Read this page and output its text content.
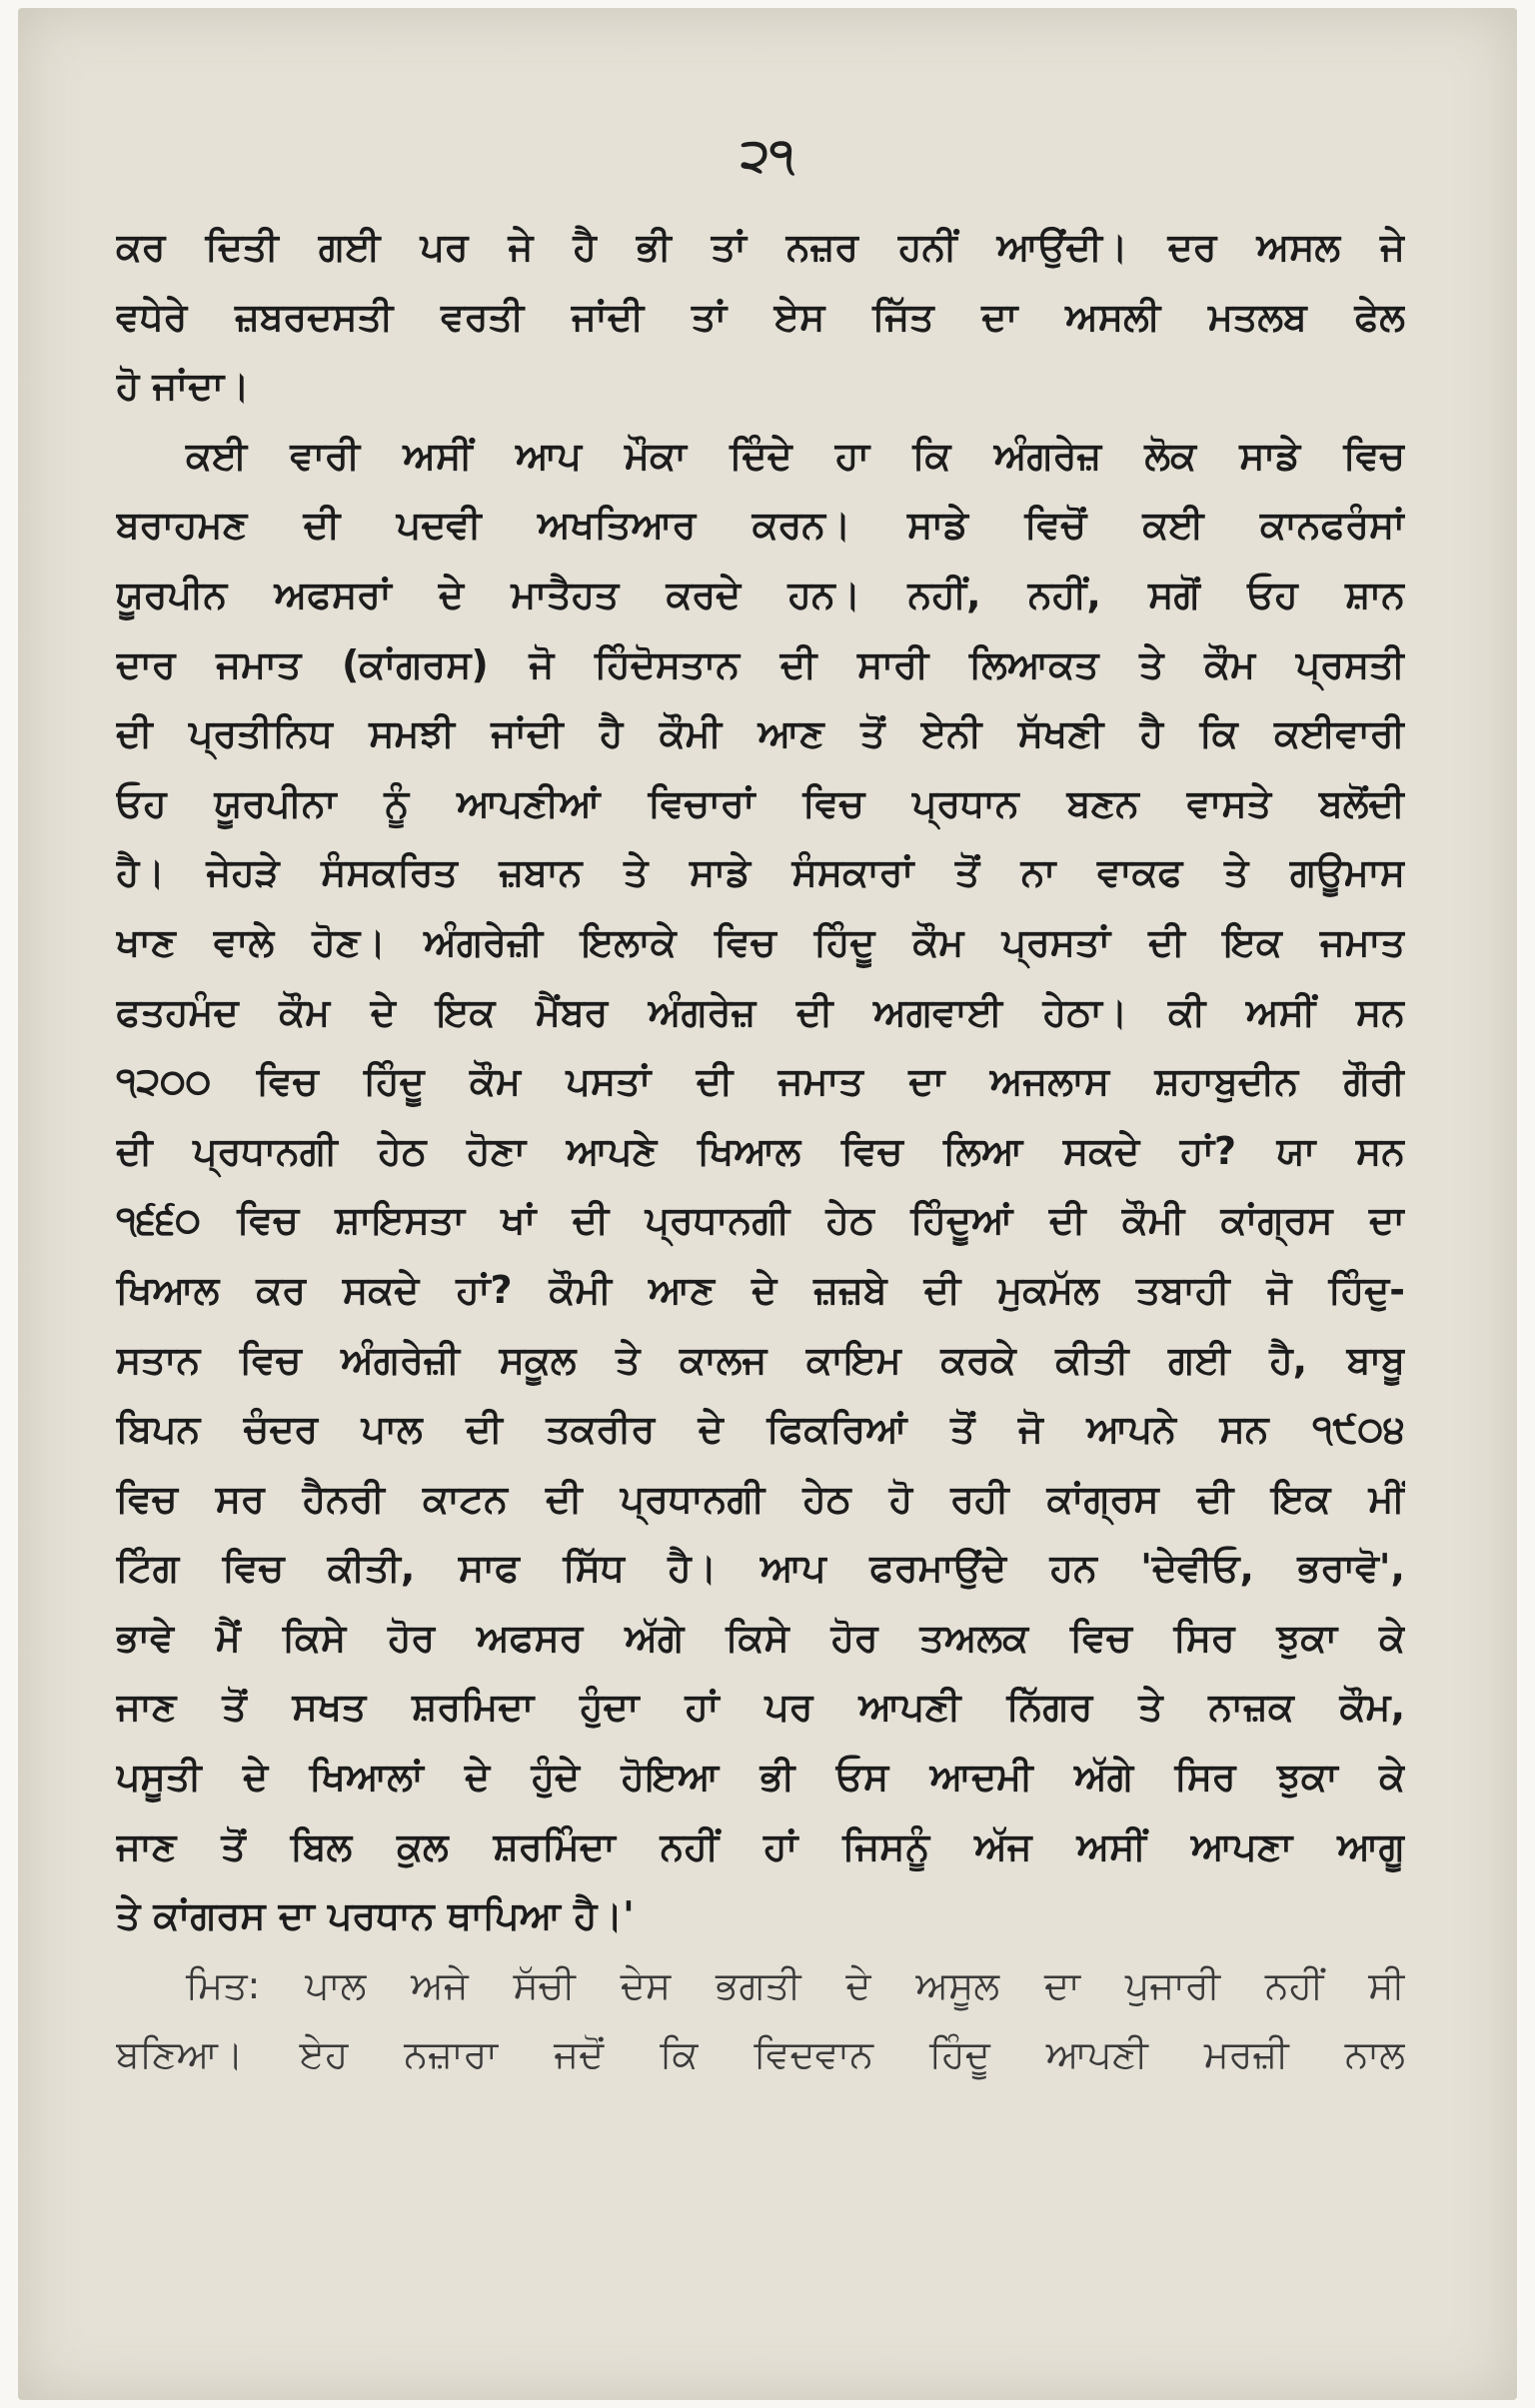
੨੧
ਕਰ ਦਿਤੀ ਗਈ ਪਰ ਜੇ ਹੈ ਭੀ ਤਾਂ ਨਜ਼ਰ ਹਨੀਂ ਆਉਂਦੀ। ਦਰ ਅਸਲ ਜੇ
ਵਧੇਰੇ ਜ਼ਬਰਦਸਤੀ ਵਰਤੀ ਜਾਂਦੀ ਤਾਂ ਏਸ ਜਿੱਤ ਦਾ ਅਸਲੀ ਮਤਲਬ ਫੇਲ
ਹੋ ਜਾਂਦਾ।
ਕਈ ਵਾਰੀ ਅਸੀਂ ਆਪ ਮੌਕਾ ਦਿੰਦੇ ਹਾ ਕਿ ਅੰਗਰੇਜ਼ ਲੋਕ ਸਾਡੇ ਵਿਚ
ਬਰਾਹਮਣ ਦੀ ਪਦਵੀ ਅਖਤਿਆਰ ਕਰਨ। ਸਾਡੇ ਵਿਚੋਂ ਕਈ ਕਾਨਫਰੰਸਾਂ
ਯੂਰਪੀਨ ਅਫਸਰਾਂ ਦੇ ਮਾਤੈਹਤ ਕਰਦੇ ਹਨ। ਨਹੀਂ, ਨਹੀਂ, ਸਗੋਂ ਓਹ ਸ਼ਾਨ
ਦਾਰ ਜਮਾਤ (ਕਾਂਗਰਸ) ਜੋ ਹਿੰਦੋਸਤਾਨ ਦੀ ਸਾਰੀ ਲਿਆਕਤ ਤੇ ਕੌਮ ਪ੍ਰਸਤੀ
ਦੀ ਪ੍ਰਤੀਨਿਧ ਸਮਝੀ ਜਾਂਦੀ ਹੈ ਕੌਮੀ ਆਣ ਤੋਂ ਏਨੀ ਸੱਖਣੀ ਹੈ ਕਿ ਕਈਵਾਰੀ
ਓਹ ਯੂਰਪੀਨਾ ਨੂੰ ਆਪਣੀਆਂ ਵਿਚਾਰਾਂ ਵਿਚ ਪ੍ਰਧਾਨ ਬਣਨ ਵਾਸਤੇ ਬਲੋਂਦੀ
ਹੈ। ਜੇਹੜੇ ਸੰਸਕਰਿਤ ਜ਼ਬਾਨ ਤੇ ਸਾਡੇ ਸੰਸਕਾਰਾਂ ਤੋਂ ਨਾ ਵਾਕਫ ਤੇ ਗਊਮਾਸ
ਖਾਣ ਵਾਲੇ ਹੋਣ। ਅੰਗਰੇਜ਼ੀ ਇਲਾਕੇ ਵਿਚ ਹਿੰਦੂ ਕੌਮ ਪ੍ਰਸਤਾਂ ਦੀ ਇਕ ਜਮਾਤ
ਫਤਹਮੰਦ ਕੌਮ ਦੇ ਇਕ ਮੈਂਬਰ ਅੰਗਰੇਜ਼ ਦੀ ਅਗਵਾਈ ਹੇਠਾ। ਕੀ ਅਸੀਂ ਸਨ
੧੨੦੦ ਵਿਚ ਹਿੰਦੂ ਕੌਮ ਪਸਤਾਂ ਦੀ ਜਮਾਤ ਦਾ ਅਜਲਾਸ ਸ਼ਹਾਬੁਦੀਨ ਗੌਰੀ
ਦੀ ਪ੍ਰਧਾਨਗੀ ਹੇਠ ਹੋਣਾ ਆਪਣੇ ਖਿਆਲ ਵਿਚ ਲਿਆ ਸਕਦੇ ਹਾਂ? ਯਾ ਸਨ
੧੬੬੦ ਵਿਚ ਸ਼ਾਇਸਤਾ ਖਾਂ ਦੀ ਪ੍ਰਧਾਨਗੀ ਹੇਠ ਹਿੰਦੂਆਂ ਦੀ ਕੌਮੀ ਕਾਂਗ੍ਰਸ ਦਾ
ਖਿਆਲ ਕਰ ਸਕਦੇ ਹਾਂ? ਕੌਮੀ ਆਣ ਦੇ ਜ਼ਜ਼ਬੇ ਦੀ ਮੁਕਮੱਲ ਤਬਾਹੀ ਜੋ ਹਿੰਦੁ-
ਸਤਾਨ ਵਿਚ ਅੰਗਰੇਜ਼ੀ ਸਕੂਲ ਤੇ ਕਾਲਜ ਕਾਇਮ ਕਰਕੇ ਕੀਤੀ ਗਈ ਹੈ, ਬਾਬੂ
ਬਿਪਨ ਚੰਦਰ ਪਾਲ ਦੀ ਤਕਰੀਰ ਦੇ ਫਿਕਰਿਆਂ ਤੋਂ ਜੋ ਆਪਨੇ ਸਨ ੧੯੦੪
ਵਿਚ ਸਰ ਹੈਨਰੀ ਕਾਟਨ ਦੀ ਪ੍ਰਧਾਨਗੀ ਹੇਠ ਹੋ ਰਹੀ ਕਾਂਗ੍ਰਸ ਦੀ ਇਕ ਮੀਂ
ਟਿੰਗ ਵਿਚ ਕੀਤੀ, ਸਾਫ ਸਿੱਧ ਹੈ। ਆਪ ਫਰਮਾਉਂਦੇ ਹਨ 'ਦੇਵੀਓ, ਭਰਾਵੋ',
ਭਾਵੇ ਮੈਂ ਕਿਸੇ ਹੋਰ ਅਫਸਰ ਅੱਗੇ ਕਿਸੇ ਹੋਰ ਤਅਲਕ ਵਿਚ ਸਿਰ ਝੁਕਾ ਕੇ
ਜਾਣ ਤੋਂ ਸਖਤ ਸ਼ਰਮਿਦਾ ਹੁੰਦਾ ਹਾਂ ਪਰ ਆਪਣੀ ਨਿੱਗਰ ਤੇ ਨਾਜ਼ਕ ਕੌਮ,
ਪਸੂਤੀ ਦੇ ਖਿਆਲਾਂ ਦੇ ਹੁੰਦੇ ਹੋਇਆ ਭੀ ਓਸ ਆਦਮੀ ਅੱਗੇ ਸਿਰ ਝੁਕਾ ਕੇ
ਜਾਣ ਤੋਂ ਬਿਲ ਕੁਲ ਸ਼ਰਮਿੰਦਾ ਨਹੀਂ ਹਾਂ ਜਿਸਨੂੰ ਅੱਜ ਅਸੀਂ ਆਪਣਾ ਆਗੂ
ਤੇ ਕਾਂਗਰਸ ਦਾ ਪਰਧਾਨ ਥਾਪਿਆ ਹੈ।'
ਮਿਤ: ਪਾਲ ਅਜੇ ਸੱਚੀ ਦੇਸ ਭਗਤੀ ਦੇ ਅਸੂਲ ਦਾ ਪੁਜਾਰੀ ਨਹੀਂ ਸੀ
ਬਣਿਆ। ਏਹ ਨਜ਼ਾਰਾ ਜਦੋਂ ਕਿ ਵਿਦਵਾਨ ਹਿੰਦੂ ਆਪਣੀ ਮਰਜ਼ੀ ਨਾਲ
